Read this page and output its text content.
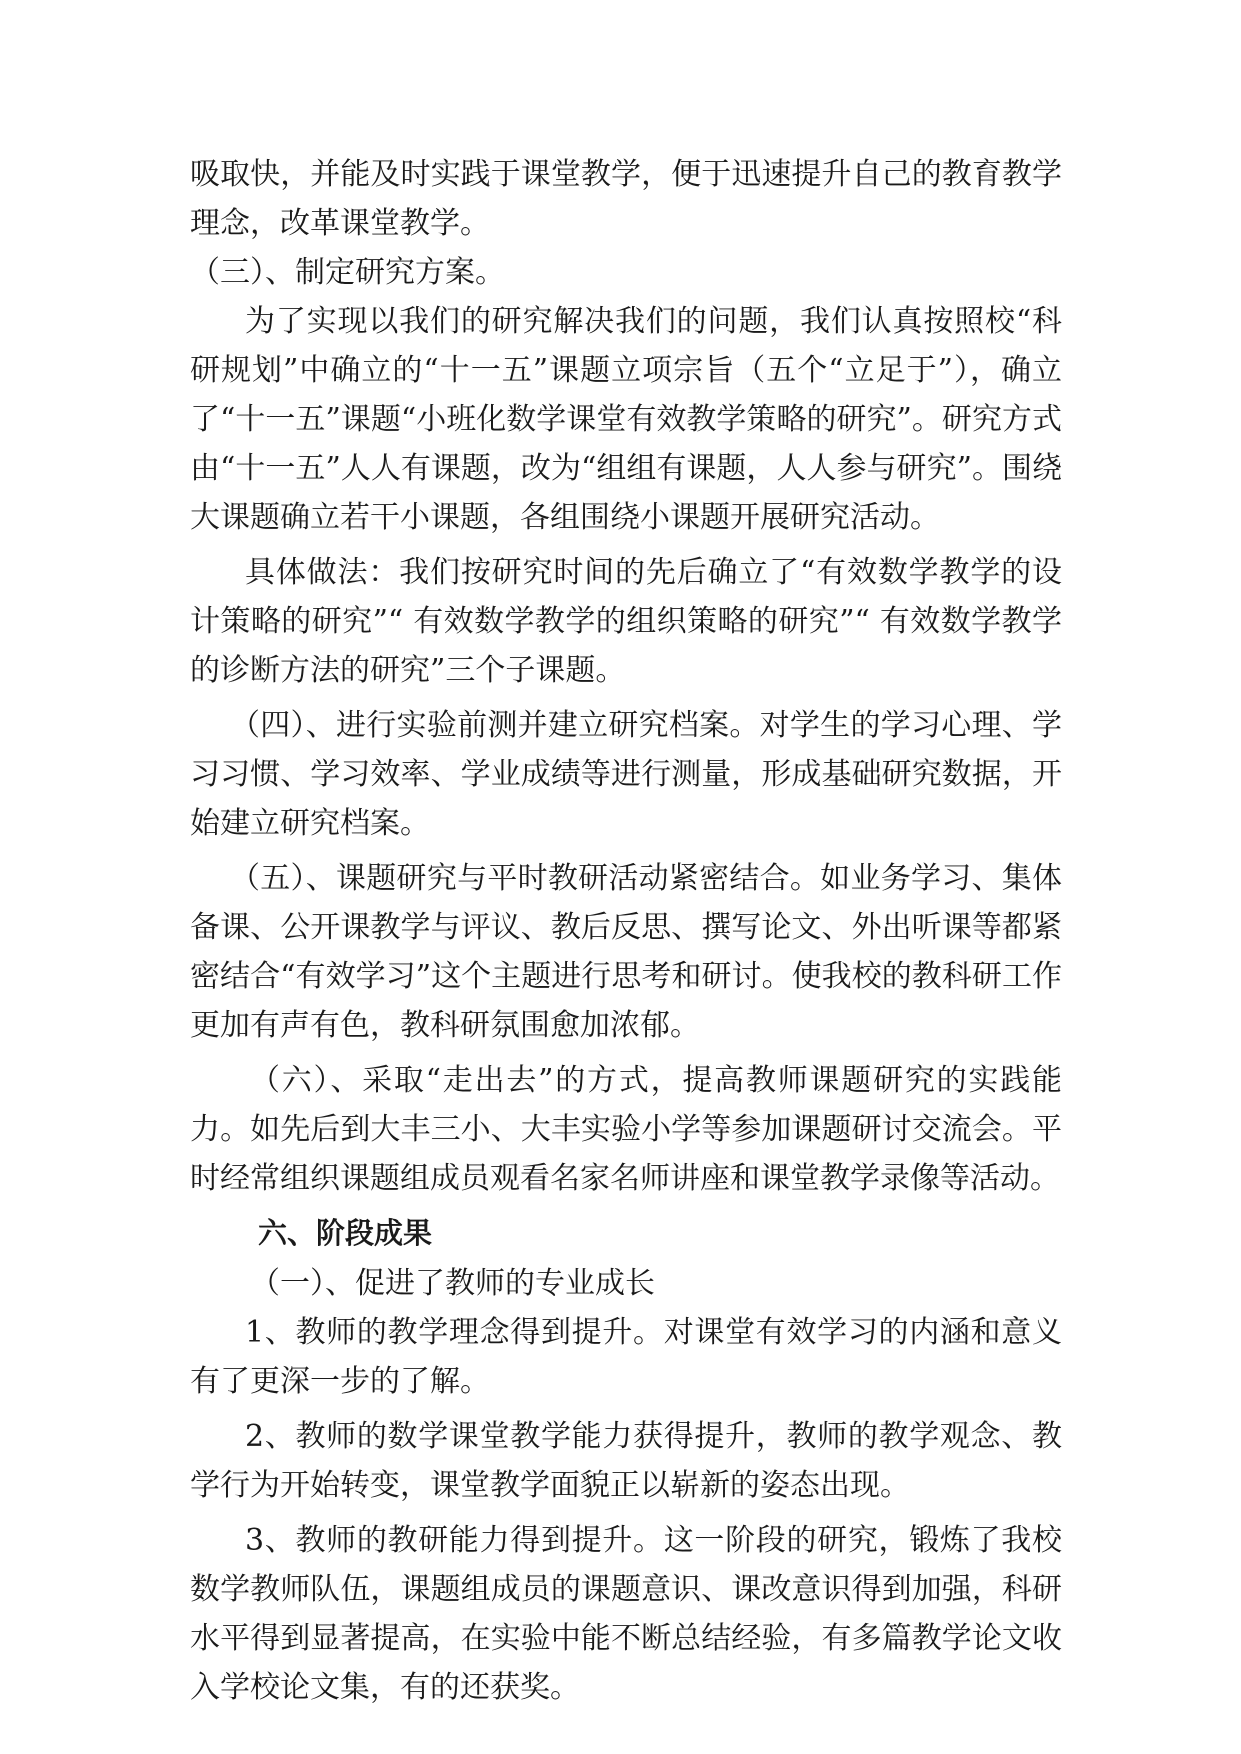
吸取快，并能及时实践于课堂教学，便于迅速提升自己的教育教学理念，改革课堂教学。

（三）、制定研究方案。

为了实现以我们的研究解决我们的问题，我们认真按照校“科研规划”中确立的“十一五”课题立项宗旨（五个“立足于”），确立了“十一五”课题“小班化数学课堂有效教学策略的研究”。研究方式由“十一五”人人有课题，改为“组组有课题，人人参与研究”。围绕大课题确立若干小课题，各组围绕小课题开展研究活动。

具体做法：我们按研究时间的先后确立了“有效数学教学的设计策略的研究”“ 有效数学教学的组织策略的研究”“ 有效数学教学的诊断方法的研究”三个子课题。

（四）、进行实验前测并建立研究档案。对学生的学习心理、学习习惯、学习效率、学业成绩等进行测量，形成基础研究数据，开始建立研究档案。

（五）、课题研究与平时教研活动紧密结合。如业务学习、集体备课、公开课教学与评议、教后反思、撰写论文、外出听课等都紧密结合“有效学习”这个主题进行思考和研讨。使我校的教科研工作更加有声有色，教科研氛围愈加浓郁。

（六）、采取“走出去”的方式，提高教师课题研究的实践能力。如先后到大丰三小、大丰实验小学等参加课题研讨交流会。平时经常组织课题组成员观看名家名师讲座和课堂教学录像等活动。

六、阶段成果

（一）、促进了教师的专业成长

1、教师的教学理念得到提升。对课堂有效学习的内涵和意义有了更深一步的了解。

2、教师的数学课堂教学能力获得提升，教师的教学观念、教学行为开始转变，课堂教学面貌正以崭新的姿态出现。

3、教师的教研能力得到提升。这一阶段的研究，锻炼了我校数学教师队伍，课题组成员的课题意识、课改意识得到加强，科研水平得到显著提高，在实验中能不断总结经验，有多篇教学论文收入学校论文集，有的还获奖。
